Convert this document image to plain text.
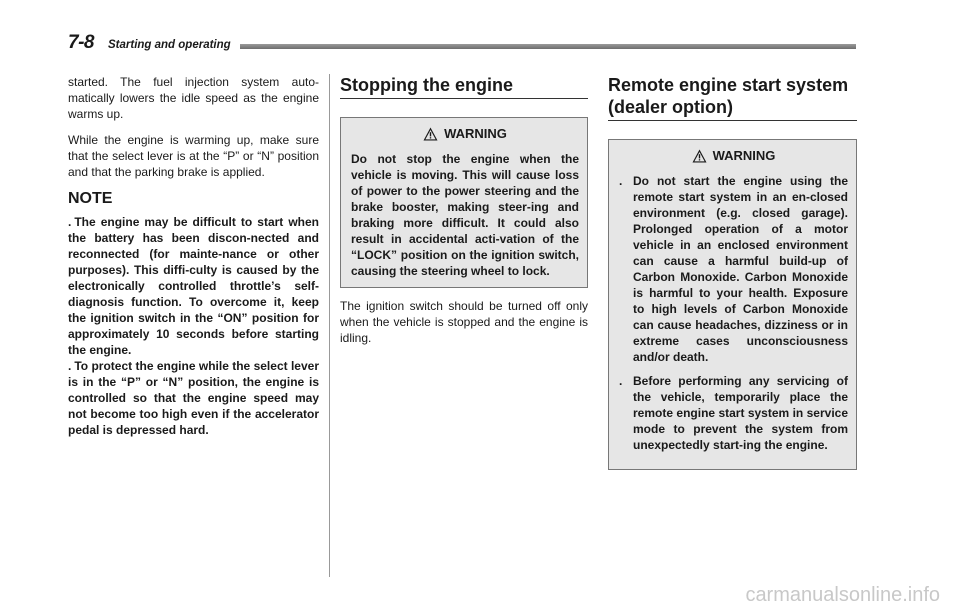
7-8 Starting and operating

started. The fuel injection system auto-matically lowers the idle speed as the engine warms up.

While the engine is warming up, make sure that the select lever is at the “P” or “N” position and that the parking brake is applied.

NOTE

. The engine may be difficult to start when the battery has been discon-nected and reconnected (for mainte-nance or other purposes). This diffi-culty is caused by the electronically controlled throttle’s self-diagnosis function. To overcome it, keep the ignition switch in the “ON” position for approximately 10 seconds before starting the engine.

. To protect the engine while the select lever is in the “P” or “N” position, the engine is controlled so that the engine speed may not become too high even if the accelerator pedal is depressed hard.

Stopping the engine
WARNING

Do not stop the engine when the vehicle is moving. This will cause loss of power to the power steering and the brake booster, making steer-ing and braking more difficult. It could also result in accidental acti-vation of the “LOCK” position on the ignition switch, causing the steering wheel to lock.

The ignition switch should be turned off only when the vehicle is stopped and the engine is idling.

Remote engine start system (dealer option)
WARNING
. Do not start the engine using the remote start system in an en-closed environment (e.g. closed garage). Prolonged operation of a motor vehicle in an enclosed environment can cause a harmful build-up of Carbon Monoxide. Carbon Monoxide is harmful to your health. Exposure to high levels of Carbon Monoxide can cause headaches, dizziness or in extreme cases unconsciousness and/or death.
. Before performing any servicing of the vehicle, temporarily place the remote engine start system in service mode to prevent the system from unexpectedly start-ing the engine.
carmanualsonline.info
